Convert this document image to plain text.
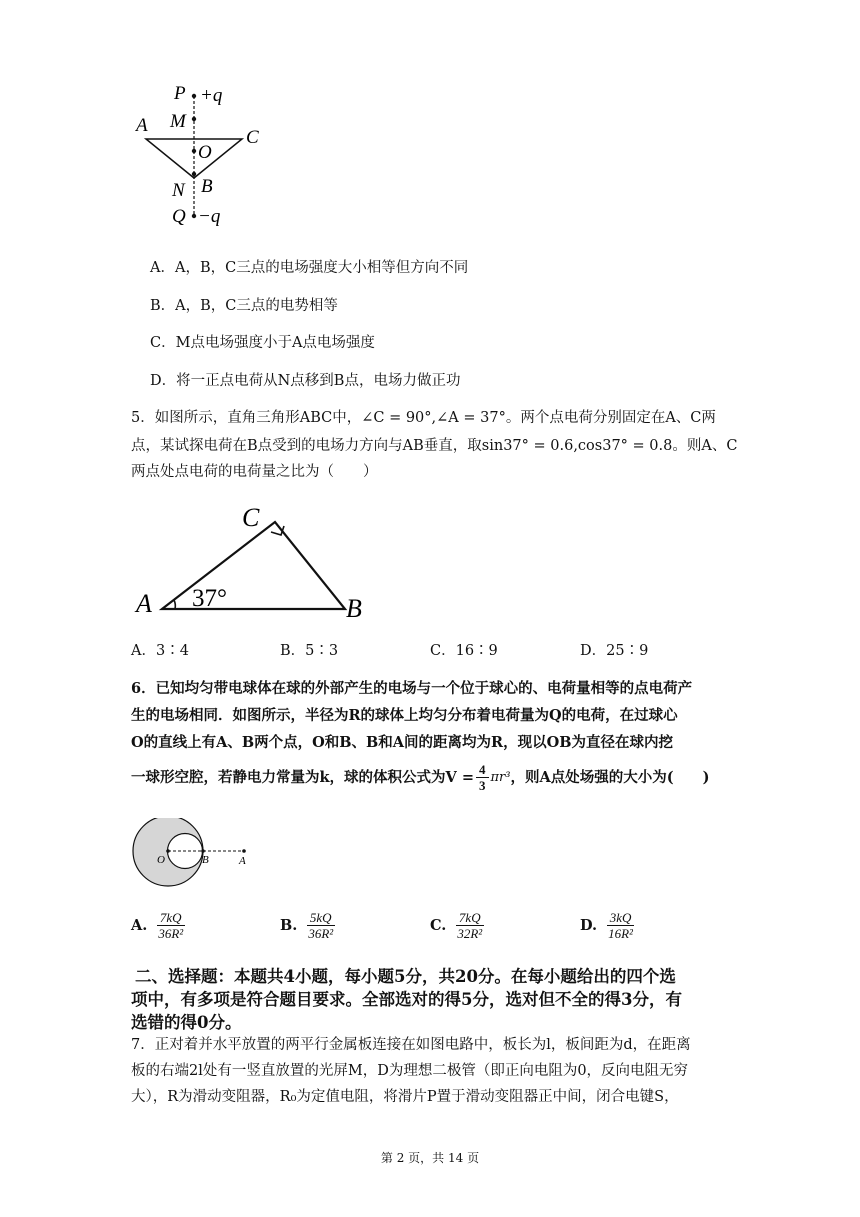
P +q
M
A
C
O
N B
Q −q
A．A，B，C三点的电场强度大小相等但方向不同
B．A，B，C三点的电势相等
C．M点电场强度小于A点电场强度
D．将一正点电荷从N点移到B点，电场力做正功
5．如图所示，直角三角形ABC中，∠C = 90°,∠A = 37°。两个点电荷分别固定在A、C两
点，某试探电荷在B点受到的电场力方向与AB垂直，取sin37° = 0.6,cos37° = 0.8。则A、C
两点处点电荷的电荷量之比为（　　）
A	B
C
37°
A．3∶4	B．5∶3	C．16∶9	D．25∶9
6．已知均匀带电球体在球的外部产生的电场与一个位于球心的、电荷量相等的点电荷产
生的电场相同．如图所示，半径为R的球体上均匀分布着电荷量为Q的电荷，在过球心
O的直线上有A、B两个点，O和B、B和A间的距离均为R，现以OB为直径在球内挖
一球形空腔，若静电力常量为k，球的体积公式为$V = \frac{4}{3} \pi r^3$ ，则A点处场强的大小为(　　)
O	B	A
A. $\frac{7kQ}{\text{36R²}}$	B. $\frac{5kQ}{\text{36R²}}$	C. $\frac{7kQ}{\text{32R²}}$	D. $\frac{3kQ}{\text{16R²}}$
二、选择题：本题共4小题，每小题5分，共20分。在每小题给出的四个选
项中，有多项是符合题目要求。全部选对的得5分，选对但不全的得3分，有
选错的得0分。
7．正对着并水平放置的两平行金属板连接在如图电路中，板长为l，板间距为d，在距离
板的右端2l处有一竖直放置的光屏M，D为理想二极管（即正向电阻为0，反向电阻无穷
大），R为滑动变阻器，R₀为定值电阻，将滑片P置于滑动变阻器正中间，闭合电键S，
第 2 页，共 14 页
